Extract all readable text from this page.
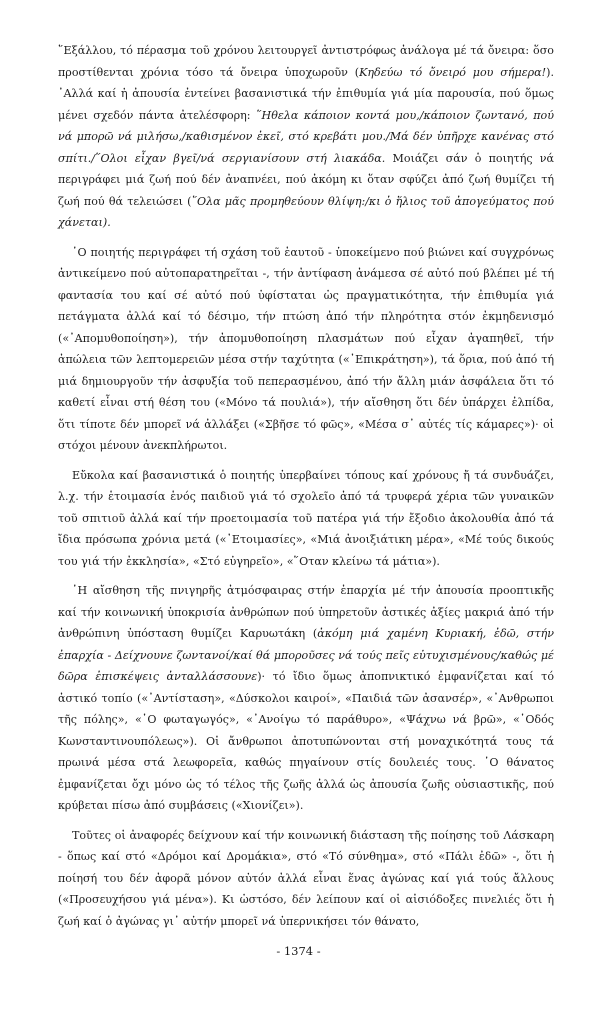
῞Εξάλλου, τό πέρασμα τοῦ χρόνου λειτουργεῖ ἀντιστρόφως ἀνάλογα μέ τά ὄνειρα: ὅσο προστίθενται χρόνια τόσο τά ὄνειρα ὑποχωροῦν (Κηδεύω τό ὄνειρό μου σήμερα!). ᾿Αλλά καί ἡ ἀπουσία ἐντείνει βασανιστικά τήν ἐπιθυμία γιά μία παρουσία, πού ὅμως μένει σχεδόν πάντα ἀτελέσφορη: ῞Ηθελα κάποιον κοντά μου,/κάποιον ζωντανό, πού νά μπορῶ νά μιλήσω,/καθισμένον ἐκεῖ, στό κρεβάτι μου./Μά δέν ὑπῆρχε κανένας στό σπίτι./῞Ολοι εἶχαν βγεῖ/νά σεργιανίσουν στή λιακάδα. Μοιάζει σάν ὁ ποιητής νά περιγράφει μιά ζωή πού δέν ἀναπνέει, πού ἀκόμη κι ὅταν σφύζει ἀπό ζωή θυμίζει τή ζωή πού θά τελειώσει (῞Ολα μᾶς προμηθεύουν θλίψη:/κι ὁ ἥλιος τοῦ ἀπογεύματος πού χάνεται).

῾Ο ποιητής περιγράφει τή σχάση τοῦ ἑαυτοῦ - ὑποκείμενο πού βιώνει καί συγχρόνως ἀντικείμενο πού αὐτοπαρατηρεῖται -, τήν ἀντίφαση ἀνάμεσα σέ αὐτό πού βλέπει μέ τή φαντασία του καί σέ αὐτό πού ὑφίσταται ὡς πραγματικότητα, τήν ἐπιθυμία γιά πετάγματα ἀλλά καί τό δέσιμο, τήν πτώση ἀπό τήν πληρότητα στόν ἐκμηδενισμό («᾿Απομυθοποίηση»), τήν ἀπομυθοποίηση πλασμάτων πού εἶχαν ἀγαπηθεῖ, τήν ἀπώλεια τῶν λεπτομερειῶν μέσα στήν ταχύτητα («᾿Επικράτηση»), τά ὅρια, πού ἀπό τή μιά δημιουργοῦν τήν ἀσφυξία τοῦ πεπερασμένου, ἀπό τήν ἄλλη μιάν ἀσφάλεια ὅτι τό καθετί εἶναι στή θέση του («Μόνο τά πουλιά»), τήν αἴσθηση ὅτι δέν ὑπάρχει ἐλπίδα, ὅτι τίποτε δέν μπορεῖ νά ἀλλάξει («Σβῆσε τό φῶς», «Μέσα σ᾿ αὐτές τίς κάμαρες»)· οἱ στόχοι μένουν ἀνεκπλήρωτοι.

Εὔκολα καί βασανιστικά ὁ ποιητής ὑπερβαίνει τόπους καί χρόνους ἤ τά συνδυάζει, λ.χ. τήν ἑτοιμασία ἑνός παιδιοῦ γιά τό σχολεῖο ἀπό τά τρυφερά χέρια τῶν γυναικῶν τοῦ σπιτιοῦ ἀλλά καί τήν προετοιμασία τοῦ πατέρα γιά τήν ἔξοδιο ἀκολουθία ἀπό τά ἴδια πρόσωπα χρόνια μετά («᾿Ετοιμασίες», «Μιά ἀνοιξιάτικη μέρα», «Μέ τούς δικούς του γιά τήν ἐκκλησία», «Στό εὐγηρεῖο», «῞Οταν κλείνω τά μάτια»).

῾Η αἴσθηση τῆς πνιγηρῆς ἀτμόσφαιρας στήν ἐπαρχία μέ τήν ἀπουσία προοπτικῆς καί τήν κοινωνική ὑποκρισία ἀνθρώπων πού ὑπηρετοῦν ἀστικές ἀξίες μακριά ἀπό τήν ἀνθρώπινη ὑπόσταση θυμίζει Καρυωτάκη (ἀκόμη μιά χαμένη Κυριακή, ἐδῶ, στήν ἐπαρχία - Δείχνουνε ζωντανοί/καί θά μποροῦσες νά τούς πεῖς εὐτυχισμένους/καθώς μέ δῶρα ἐπισκέψεις ἀνταλλάσσουνε)· τό ἴδιο ὅμως ἀποπνικτικό ἐμφανίζεται καί τό ἀστικό τοπίο («᾿Αντίσταση», «Δύσκολοι καιροί», «Παιδιά τῶν ἀσανσέρ», «᾿Ανθρωποι τῆς πόλης», «῾Ο φωταγωγός», «᾿Ανοίγω τό παράθυρο», «Ψάχνω νά βρῶ», «῾Οδός Κωνσταντινουπόλεως»). Οἱ ἄνθρωποι ἀποτυπώνονται στή μοναχικότητά τους τά πρωινά μέσα στά λεωφορεῖα, καθώς πηγαίνουν στίς δουλειές τους. ῾Ο θάνατος ἐμφανίζεται ὄχι μόνο ὡς τό τέλος τῆς ζωῆς ἀλλά ὡς ἀπουσία ζωῆς οὐσιαστικῆς, πού κρύβεται πίσω ἀπό συμβάσεις («Χιονίζει»).

Τοῦτες οἱ ἀναφορές δείχνουν καί τήν κοινωνική διάσταση τῆς ποίησης τοῦ Λάσκαρη - ὅπως καί στό «Δρόμοι καί Δρομάκια», στό «Τό σύνθημα», στό «Πάλι ἐδῶ» -, ὅτι ἡ ποίησή του δέν ἀφορᾶ μόνον αὐτόν ἀλλά εἶναι ἕνας ἀγώνας καί γιά τούς ἄλλους («Προσευχήσου γιά μένα»). Κι ὡστόσο, δέν λείπουν καί οἱ αἰσιόδοξες πινελιές ὅτι ἡ ζωή καί ὁ ἀγώνας γι᾿ αὐτήν μπορεῖ νά ὑπερνικήσει τόν θάνατο,

- 1374 -
